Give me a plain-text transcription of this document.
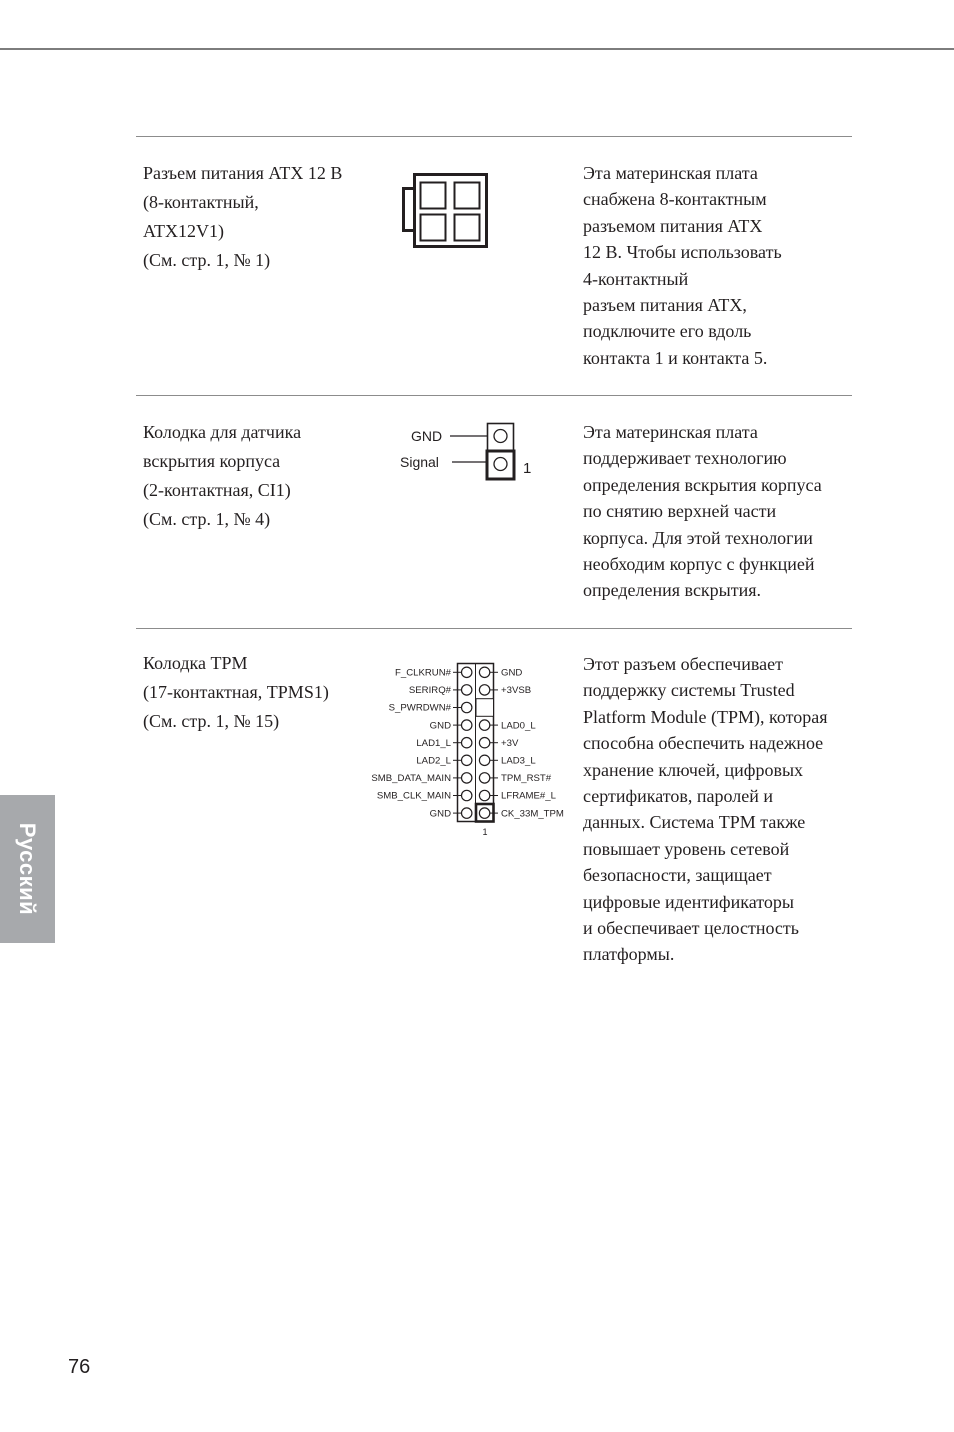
Разъем питания ATX 12 В
(8-контактный,
ATX12V1)
(См. стр. 1, № 1)
Эта материнская плата
снабжена 8-контактным
разъемом питания ATX
12 В. Чтобы использовать
4-контактный
разъем питания ATX,
подключите его вдоль
контакта 1 и контакта 5.
Колодка для датчика
вскрытия корпуса
(2-контактная, CI1)
(См. стр. 1, № 4)
GND
Signal	1
Эта материнская плата
поддерживает технологию
определения вскрытия корпуса
по снятию верхней части
корпуса. Для этой технологии
необходим корпус с функцией
определения вскрытия.
Колодка TPM
(17-контактная, TPMS1)
(См. стр. 1, № 15)
F_CLKRUN#	GND
SERIRQ#	+3VSB
S_PWRDWN#
GND	LAD0_L
LAD1_L	+3V
LAD2_L	LAD3_L
SMB_DATA_MAIN	TPM_RST#
SMB_CLK_MAIN	LFRAME#_L
GND	CK_33M_TPM
1
Этот разъем обеспечивает
поддержку системы Trusted
Platform Module (TPM), которая
способна обеспечить надежное
хранение ключей, цифровых
сертификатов, паролей и
данных. Система TPM также
повышает уровень сетевой
безопасности, защищает
цифровые идентификаторы
и обеспечивает целостность
платформы.
Русский
76
